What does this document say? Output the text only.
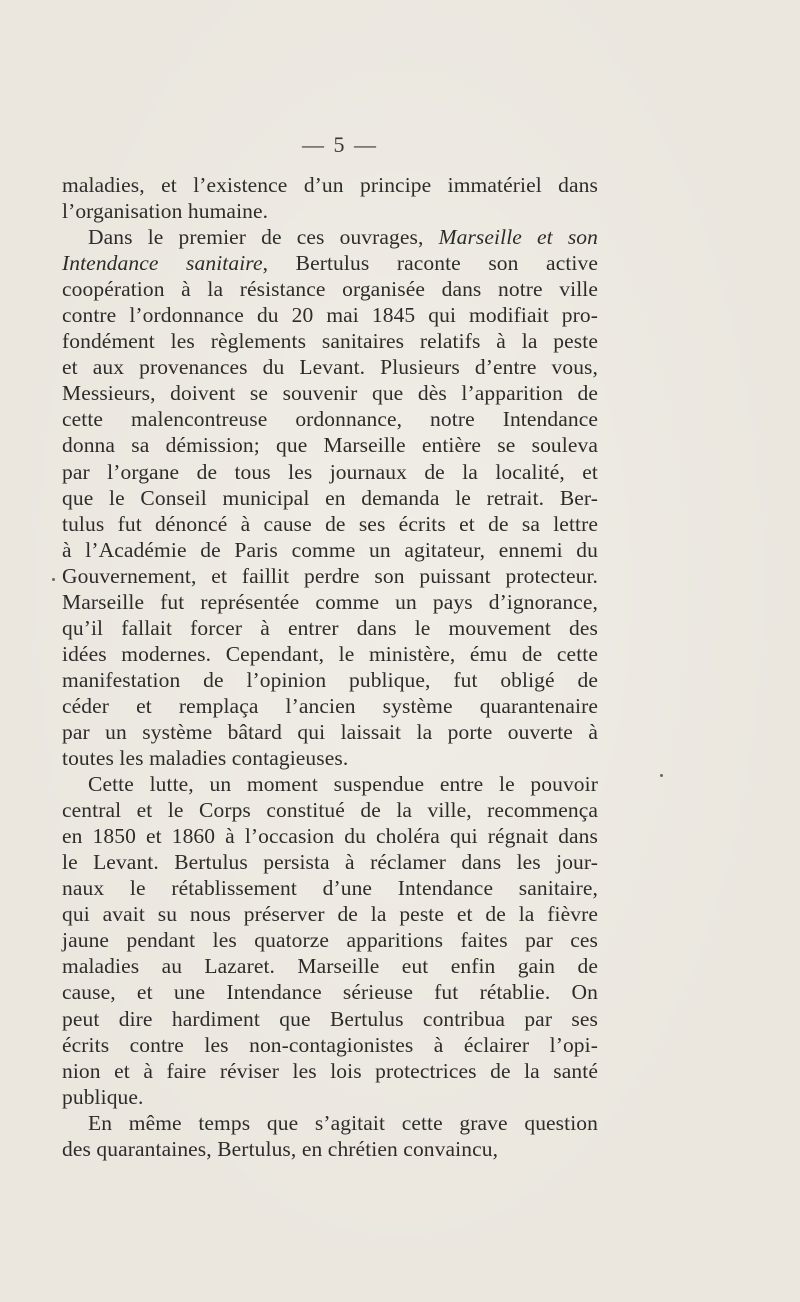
— 5 —
maladies, et l’existence d’un principe immatériel dans
l’organisation humaine.
Dans le premier de ces ouvrages, Marseille et son
Intendance sanitaire, Bertulus raconte son active
coopération à la résistance organisée dans notre ville
contre l’ordonnance du 20 mai 1845 qui modifiait pro-
fondément les règlements sanitaires relatifs à la peste
et aux provenances du Levant. Plusieurs d’entre vous,
Messieurs, doivent se souvenir que dès l’apparition de
cette malencontreuse ordonnance, notre Intendance
donna sa démission; que Marseille entière se souleva
par l’organe de tous les journaux de la localité, et
que le Conseil municipal en demanda le retrait. Ber-
tulus fut dénoncé à cause de ses écrits et de sa lettre
à l’Académie de Paris comme un agitateur, ennemi du
Gouvernement, et faillit perdre son puissant protecteur.
Marseille fut représentée comme un pays d’ignorance,
qu’il fallait forcer à entrer dans le mouvement des
idées modernes. Cependant, le ministère, ému de cette
manifestation de l’opinion publique, fut obligé de
céder et remplaça l’ancien système quarantenaire
par un système bâtard qui laissait la porte ouverte à
toutes les maladies contagieuses.
Cette lutte, un moment suspendue entre le pouvoir
central et le Corps constitué de la ville, recommença
en 1850 et 1860 à l’occasion du choléra qui régnait dans
le Levant. Bertulus persista à réclamer dans les jour-
naux le rétablissement d’une Intendance sanitaire,
qui avait su nous préserver de la peste et de la fièvre
jaune pendant les quatorze apparitions faites par ces
maladies au Lazaret. Marseille eut enfin gain de
cause, et une Intendance sérieuse fut rétablie. On
peut dire hardiment que Bertulus contribua par ses
écrits contre les non-contagionistes à éclairer l’opi-
nion et à faire réviser les lois protectrices de la santé
publique.
En même temps que s’agitait cette grave question
des quarantaines, Bertulus, en chrétien convaincu,
